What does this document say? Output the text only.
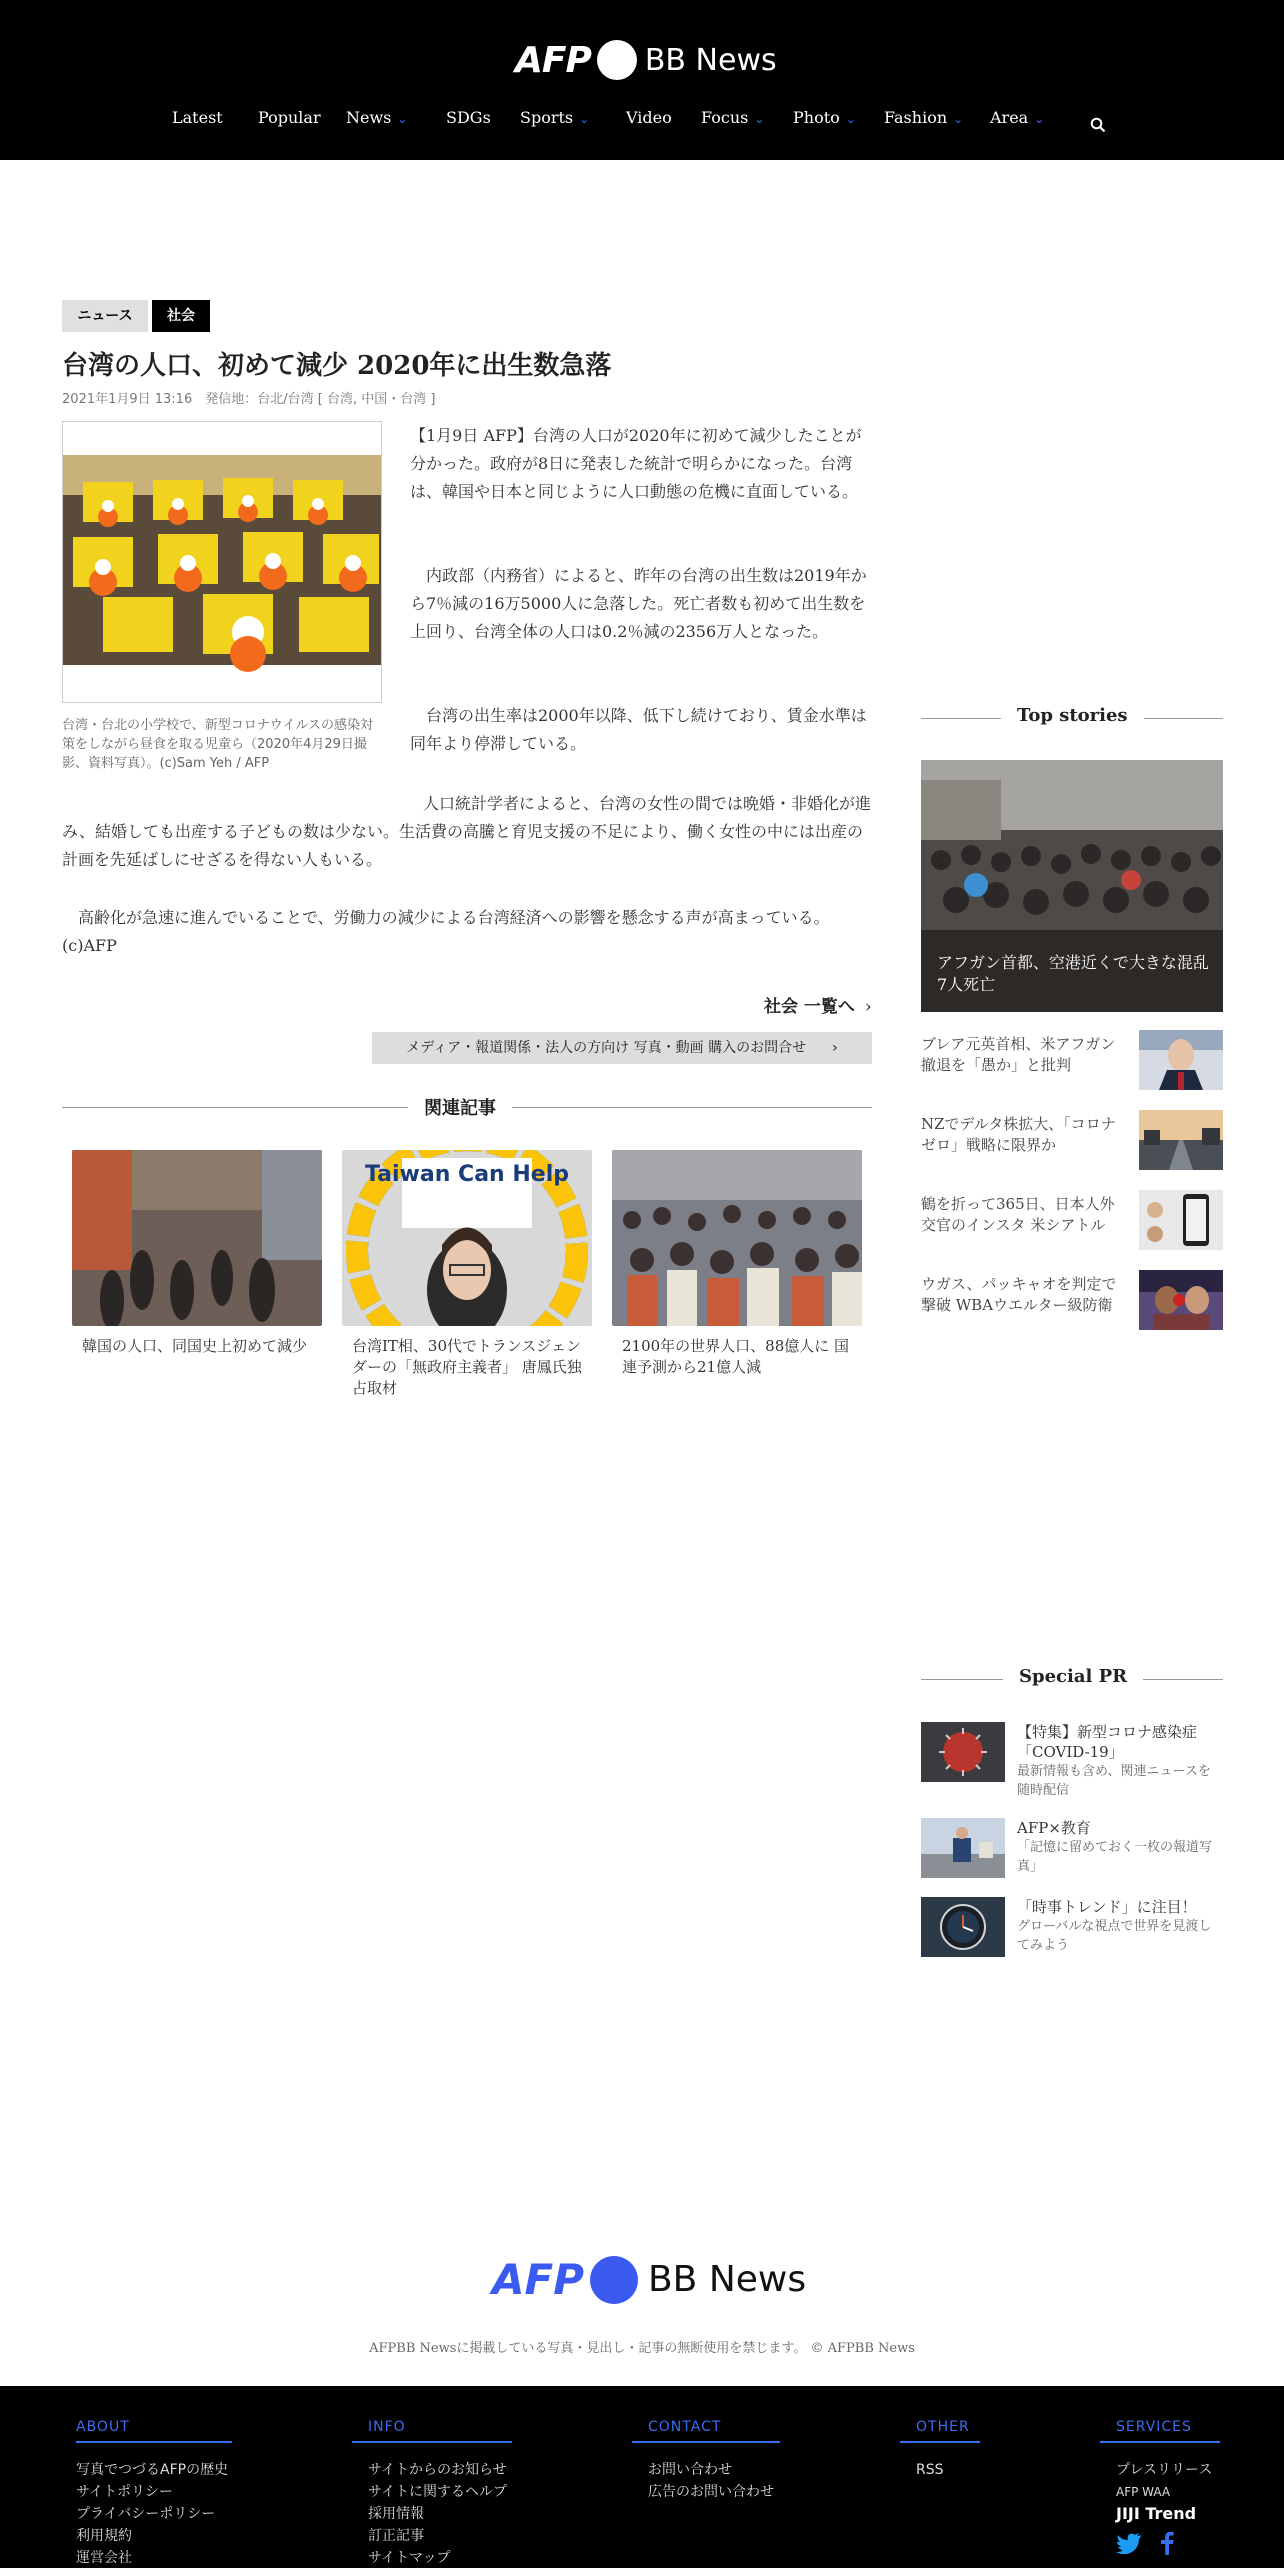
AFP BB News
Latest Popular News ⌄ SDGs Sports ⌄ Video Focus ⌄ Photo ⌄ Fashion ⌄ Area ⌄
ニュース	社会
台湾の人口、初めて減少 2020年に出生数急落
2021年1月9日 13:16　発信地：台北/台湾 [ 台湾, 中国・台湾 ]
台湾・台北の小学校で、新型コロナウイルスの感染対策をしながら昼食を取る児童ら（2020年4月29日撮影、資料写真）。(c)Sam Yeh / AFP
【1月9日 AFP】台湾の人口が2020年に初めて減少したことが分かった。政府が8日に発表した統計で明らかになった。台湾は、韓国や日本と同じように人口動態の危機に直面している。
　内政部（内務省）によると、昨年の台湾の出生数は2019年から7％減の16万5000人に急落した。死亡者数も初めて出生数を上回り、台湾全体の人口は0.2％減の2356万人となった。
　台湾の出生率は2000年以降、低下し続けており、賃金水準は同年より停滞している。
　人口統計学者によると、台湾の女性の間では晩婚・非婚化が進み、結婚しても出産する子どもの数は少ない。生活費の高騰と育児支援の不足により、働く女性の中には出産の計画を先延ばしにせざるを得ない人もいる。
　高齢化が急速に進んでいることで、労働力の減少による台湾経済への影響を懸念する声が高まっている。(c)AFP
社会 一覧へ ›
メディア・報道関係・法人の方向け 写真・動画 購入のお問合せ ›
関連記事
韓国の人口、同国史上初めて減少
Taiwan Can Help
台湾IT相、30代でトランスジェンダーの「無政府主義者」 唐鳳氏独占取材
2100年の世界人口、88億人に 国連予測から21億人減
Top stories
アフガン首都、空港近くで大きな混乱 7人死亡
ブレア元英首相、米アフガン撤退を「愚か」と批判
NZでデルタ株拡大、「コロナゼロ」戦略に限界か
鶴を折って365日、日本人外交官のインスタ 米シアトル
ウガス、パッキャオを判定で撃破 WBAウエルター級防衛
Special PR
【特集】新型コロナ感染症「COVID-19」
最新情報も含め、関連ニュースを随時配信
AFP×教育
「記憶に留めておく一枚の報道写真」
「時事トレンド」に注目！
グローバルな視点で世界を見渡してみよう
AFP BB News
AFPBB Newsに掲載している写真・見出し・記事の無断使用を禁じます。 © AFPBB News
ABOUT
写真でつづるAFPの歴史
サイトポリシー
プライバシーポリシー
利用規約
運営会社
INFO
サイトからのお知らせ
サイトに関するヘルプ
採用情報
訂正記事
サイトマップ
CONTACT
お問い合わせ
広告のお問い合わせ
OTHER
RSS
SERVICES
プレスリリース
AFP WAA
JIJI Trend
